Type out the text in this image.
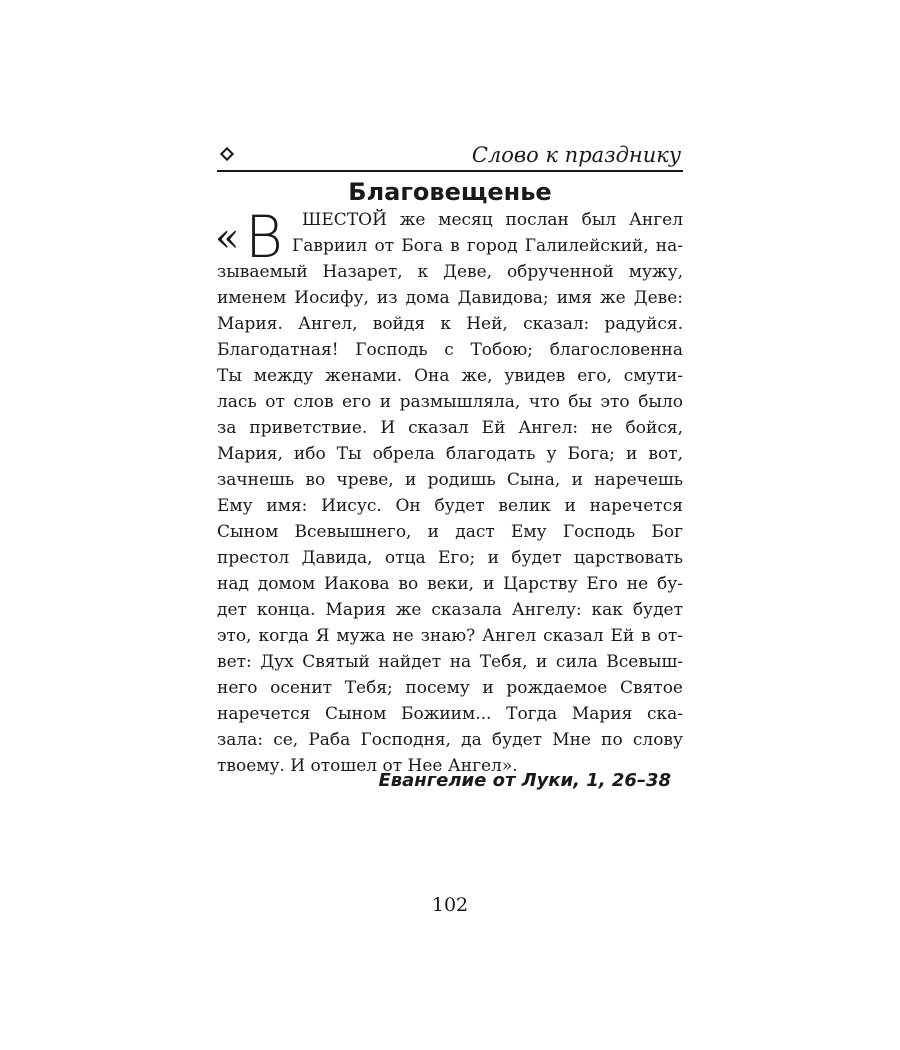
Слово к празднику
Благовещенье
« В	ШЕСТОЙ же месяц послан был Ангел
Гавриил от Бога в город Галилейский, на-
зываемый Назарет, к Деве, обрученной мужу,
именем Иосифу, из дома Давидова; имя же Деве:
Мария. Ангел, войдя к Ней, сказал: радуйся.
Благодатная! Господь с Тобою; благословенна
Ты между женами. Она же, увидев его, смути-
лась от слов его и размышляла, что бы это было
за приветствие. И сказал Ей Ангел: не бойся,
Мария, ибо Ты обрела благодать у Бога; и вот,
зачнешь во чреве, и родишь Сына, и наречешь
Ему имя: Иисус. Он будет велик и наречется
Сыном Всевышнего, и даст Ему Господь Бог
престол Давида, отца Его; и будет царствовать
над домом Иакова во веки, и Царству Его не бу-
дет конца. Мария же сказала Ангелу: как будет
это, когда Я мужа не знаю? Ангел сказал Ей в от-
вет: Дух Святый найдет на Тебя, и сила Всевыш-
него осенит Тебя; посему и рождаемое Святое
наречется Сыном Божиим... Тогда Мария ска-
зала: се, Раба Господня, да будет Мне по слову
твоему. И отошел от Нее Ангел».
Евангелие от Луки, 1, 26–38
102
